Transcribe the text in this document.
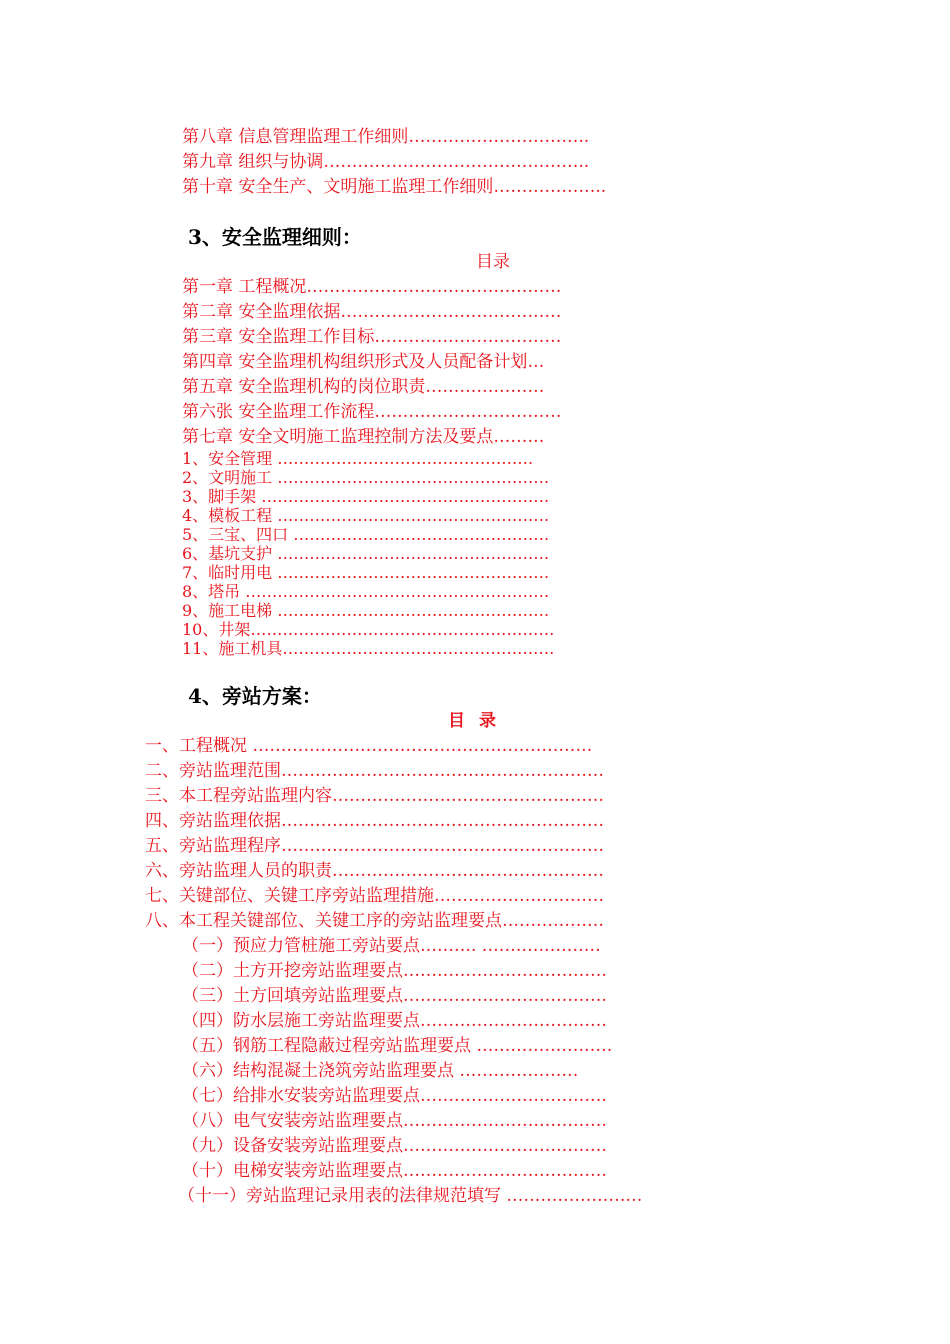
第八章 信息管理监理工作细则…………………………..
第九章 组织与协调………………………………………..
第十章 安全生产、文明施工监理工作细则………………..
3、安全监理细则：
目录
第一章 工程概况………………………………………
第二章 安全监理依据…………………………………
第三章 安全监理工作目标……………………………
第四章 安全监理机构组织形式及人员配备计划…
第五章 安全监理机构的岗位职责…………………
第六张 安全监理工作流程……………………………
第七章 安全文明施工监理控制方法及要点………
1、安全管理 …………………………………………
2、文明施工 ……………………………………………
3、脚手架 ………………………………………………
4、模板工程 ……………………………………………
5、三宝、四口 …………………………………………
6、基坑支护 ……………………………………………
7、临时用电 ……………………………………………
8、塔吊 …………………………………………………
9、施工电梯 ……………………………………………
10、井架…………………………………………………
11、施工机具……………………………………………
4、旁站方案：
目录
一、工程概况 ……………………………………………………
二、旁站监理范围…………………………………………………
三、本工程旁站监理内容…………………………………………
四、旁站监理依据…………………………………………………
五、旁站监理程序…………………………………………………
六、旁站监理人员的职责…………………………………………
七、关键部位、关键工序旁站监理措施…………………………
八、本工程关键部位、关键工序的旁站监理要点………………
（一）预应力管桩施工旁站要点………. …………………
（二）土方开挖旁站监理要点………………………………
（三）土方回填旁站监理要点………………………………
（四）防水层施工旁站监理要点……………………………
（五）钢筋工程隐蔽过程旁站监理要点 ……………………
（六）结构混凝土浇筑旁站监理要点 …………………
（七）给排水安装旁站监理要点……………………………
（八）电气安装旁站监理要点………………………………
（九）设备安装旁站监理要点………………………………
（十）电梯安装旁站监理要点………………………………
（十一）旁站监理记录用表的法律规范填写 ……………………
